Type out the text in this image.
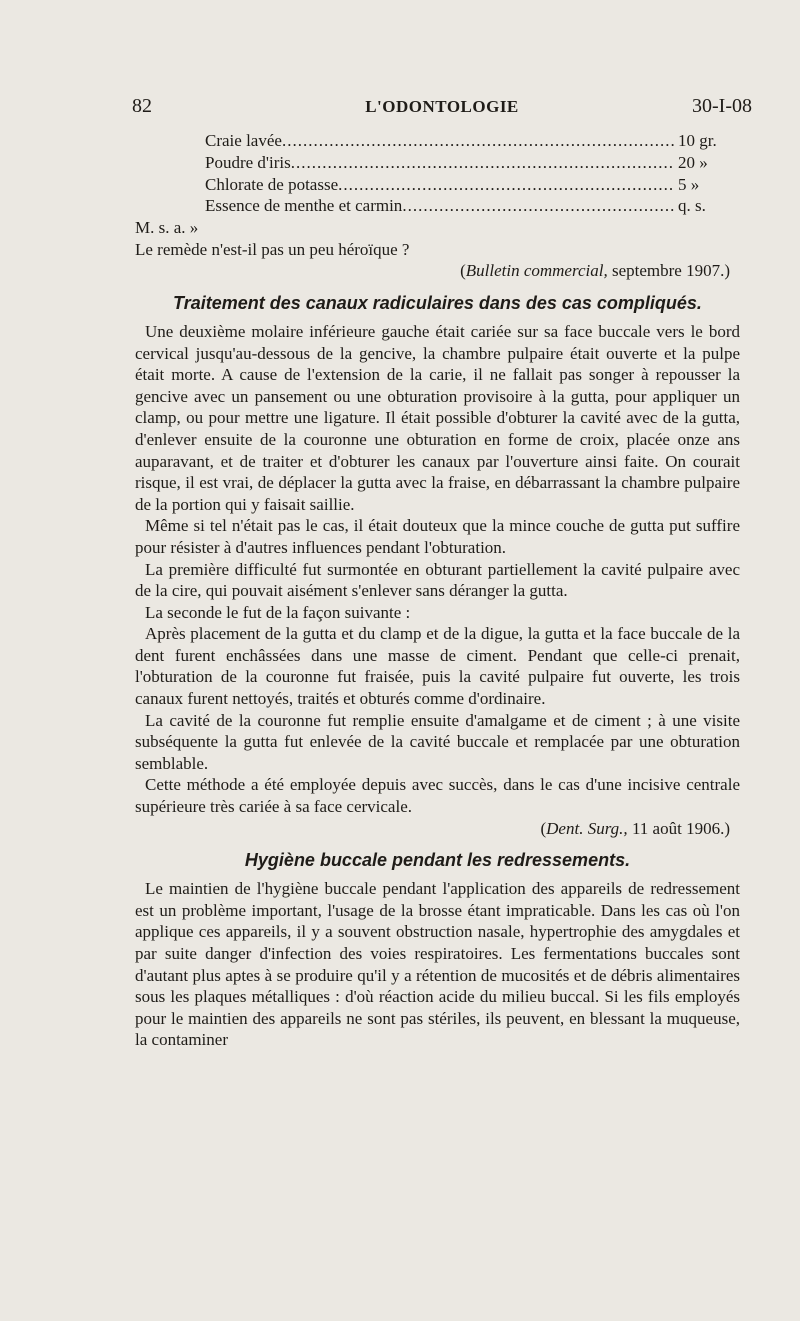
82	L'ODONTOLOGIE	30-I-08
Craie lavée .....	10 gr.
Poudre d'iris .....	20 »
Chlorate de potasse .....	5 »
Essence de menthe et carmin .....	q. s.

M. s. a. »

Le remède n'est-il pas un peu héroïque ?

(Bulletin commercial, septembre 1907.)

Traitement des canaux radiculaires dans des cas compliqués.

Une deuxième molaire inférieure gauche était cariée sur sa face buccale vers le bord cervical jusqu'au-dessous de la gencive, la chambre pulpaire était ouverte et la pulpe était morte. A cause de l'extension de la carie, il ne fallait pas songer à repousser la gencive avec un pansement ou une obturation provisoire à la gutta, pour appliquer un clamp, ou pour mettre une ligature. Il était possible d'obturer la cavité avec de la gutta, d'enlever ensuite de la couronne une obturation en forme de croix, placée onze ans auparavant, et de traiter et d'obturer les canaux par l'ouverture ainsi faite. On courait risque, il est vrai, de déplacer la gutta avec la fraise, en débarrassant la chambre pulpaire de la portion qui y faisait saillie.

Même si tel n'était pas le cas, il était douteux que la mince couche de gutta put suffire pour résister à d'autres influences pendant l'obturation.

La première difficulté fut surmontée en obturant partiellement la cavité pulpaire avec de la cire, qui pouvait aisément s'enlever sans déranger la gutta.

La seconde le fut de la façon suivante :

Après placement de la gutta et du clamp et de la digue, la gutta et la face buccale de la dent furent enchâssées dans une masse de ciment. Pendant que celle-ci prenait, l'obturation de la couronne fut fraisée, puis la cavité pulpaire fut ouverte, les trois canaux furent nettoyés, traités et obturés comme d'ordinaire.

La cavité de la couronne fut remplie ensuite d'amalgame et de ciment ; à une visite subséquente la gutta fut enlevée de la cavité buccale et remplacée par une obturation semblable.

Cette méthode a été employée depuis avec succès, dans le cas d'une incisive centrale supérieure très cariée à sa face cervicale.

(Dent. Surg., 11 août 1906.)

Hygiène buccale pendant les redressements.

Le maintien de l'hygiène buccale pendant l'application des appareils de redressement est un problème important, l'usage de la brosse étant impraticable. Dans les cas où l'on applique ces appareils, il y a souvent obstruction nasale, hypertrophie des amygdales et par suite danger d'infection des voies respiratoires. Les fermentations buccales sont d'autant plus aptes à se produire qu'il y a rétention de mucosités et de débris alimentaires sous les plaques métalliques : d'où réaction acide du milieu buccal. Si les fils employés pour le maintien des appareils ne sont pas stériles, ils peuvent, en blessant la muqueuse, la contaminer
